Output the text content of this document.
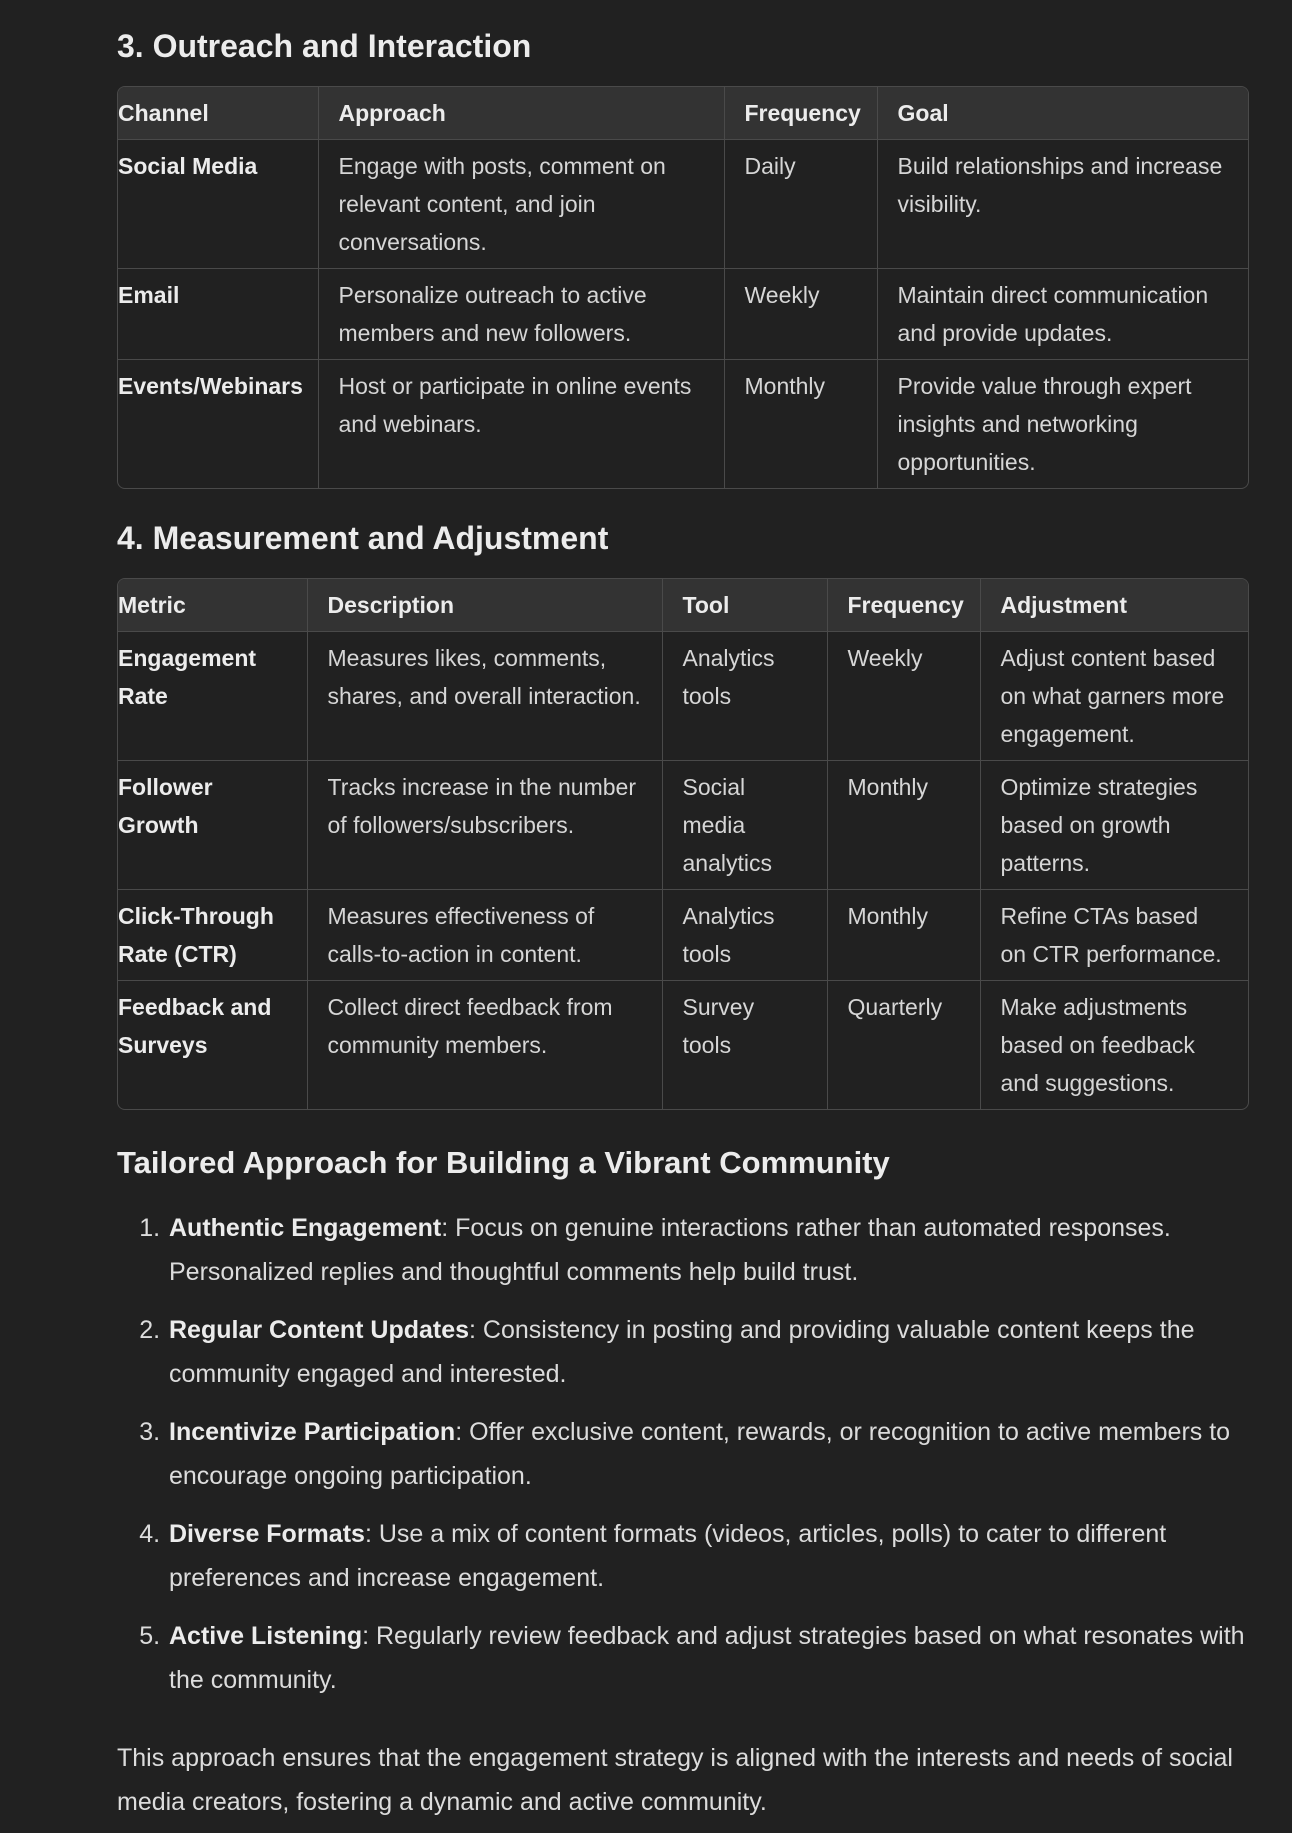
3. Outreach and Interaction
Channel	Approach	Frequency	Goal
Social Media	Engage with posts, comment on relevant content, and join conversations.	Daily	Build relationships and increase visibility.
Email	Personalize outreach to active members and new followers.	Weekly	Maintain direct communication and provide updates.
Events/Webinars	Host or participate in online events and webinars.	Monthly	Provide value through expert insights and networking opportunities.
4. Measurement and Adjustment
Metric	Description	Tool	Frequency	Adjustment
Engagement Rate	Measures likes, comments, shares, and overall interaction.	Analytics tools	Weekly	Adjust content based on what garners more engagement.
Follower Growth	Tracks increase in the number of followers/subscribers.	Social media analytics	Monthly	Optimize strategies based on growth patterns.
Click-Through Rate (CTR)	Measures effectiveness of calls-to-action in content.	Analytics tools	Monthly	Refine CTAs based on CTR performance.
Feedback and Surveys	Collect direct feedback from community members.	Survey tools	Quarterly	Make adjustments based on feedback and suggestions.
Tailored Approach for Building a Vibrant Community
1. Authentic Engagement: Focus on genuine interactions rather than automated responses. Personalized replies and thoughtful comments help build trust.
2. Regular Content Updates: Consistency in posting and providing valuable content keeps the community engaged and interested.
3. Incentivize Participation: Offer exclusive content, rewards, or recognition to active members to encourage ongoing participation.
4. Diverse Formats: Use a mix of content formats (videos, articles, polls) to cater to different preferences and increase engagement.
5. Active Listening: Regularly review feedback and adjust strategies based on what resonates with the community.

This approach ensures that the engagement strategy is aligned with the interests and needs of social media creators, fostering a dynamic and active community.
